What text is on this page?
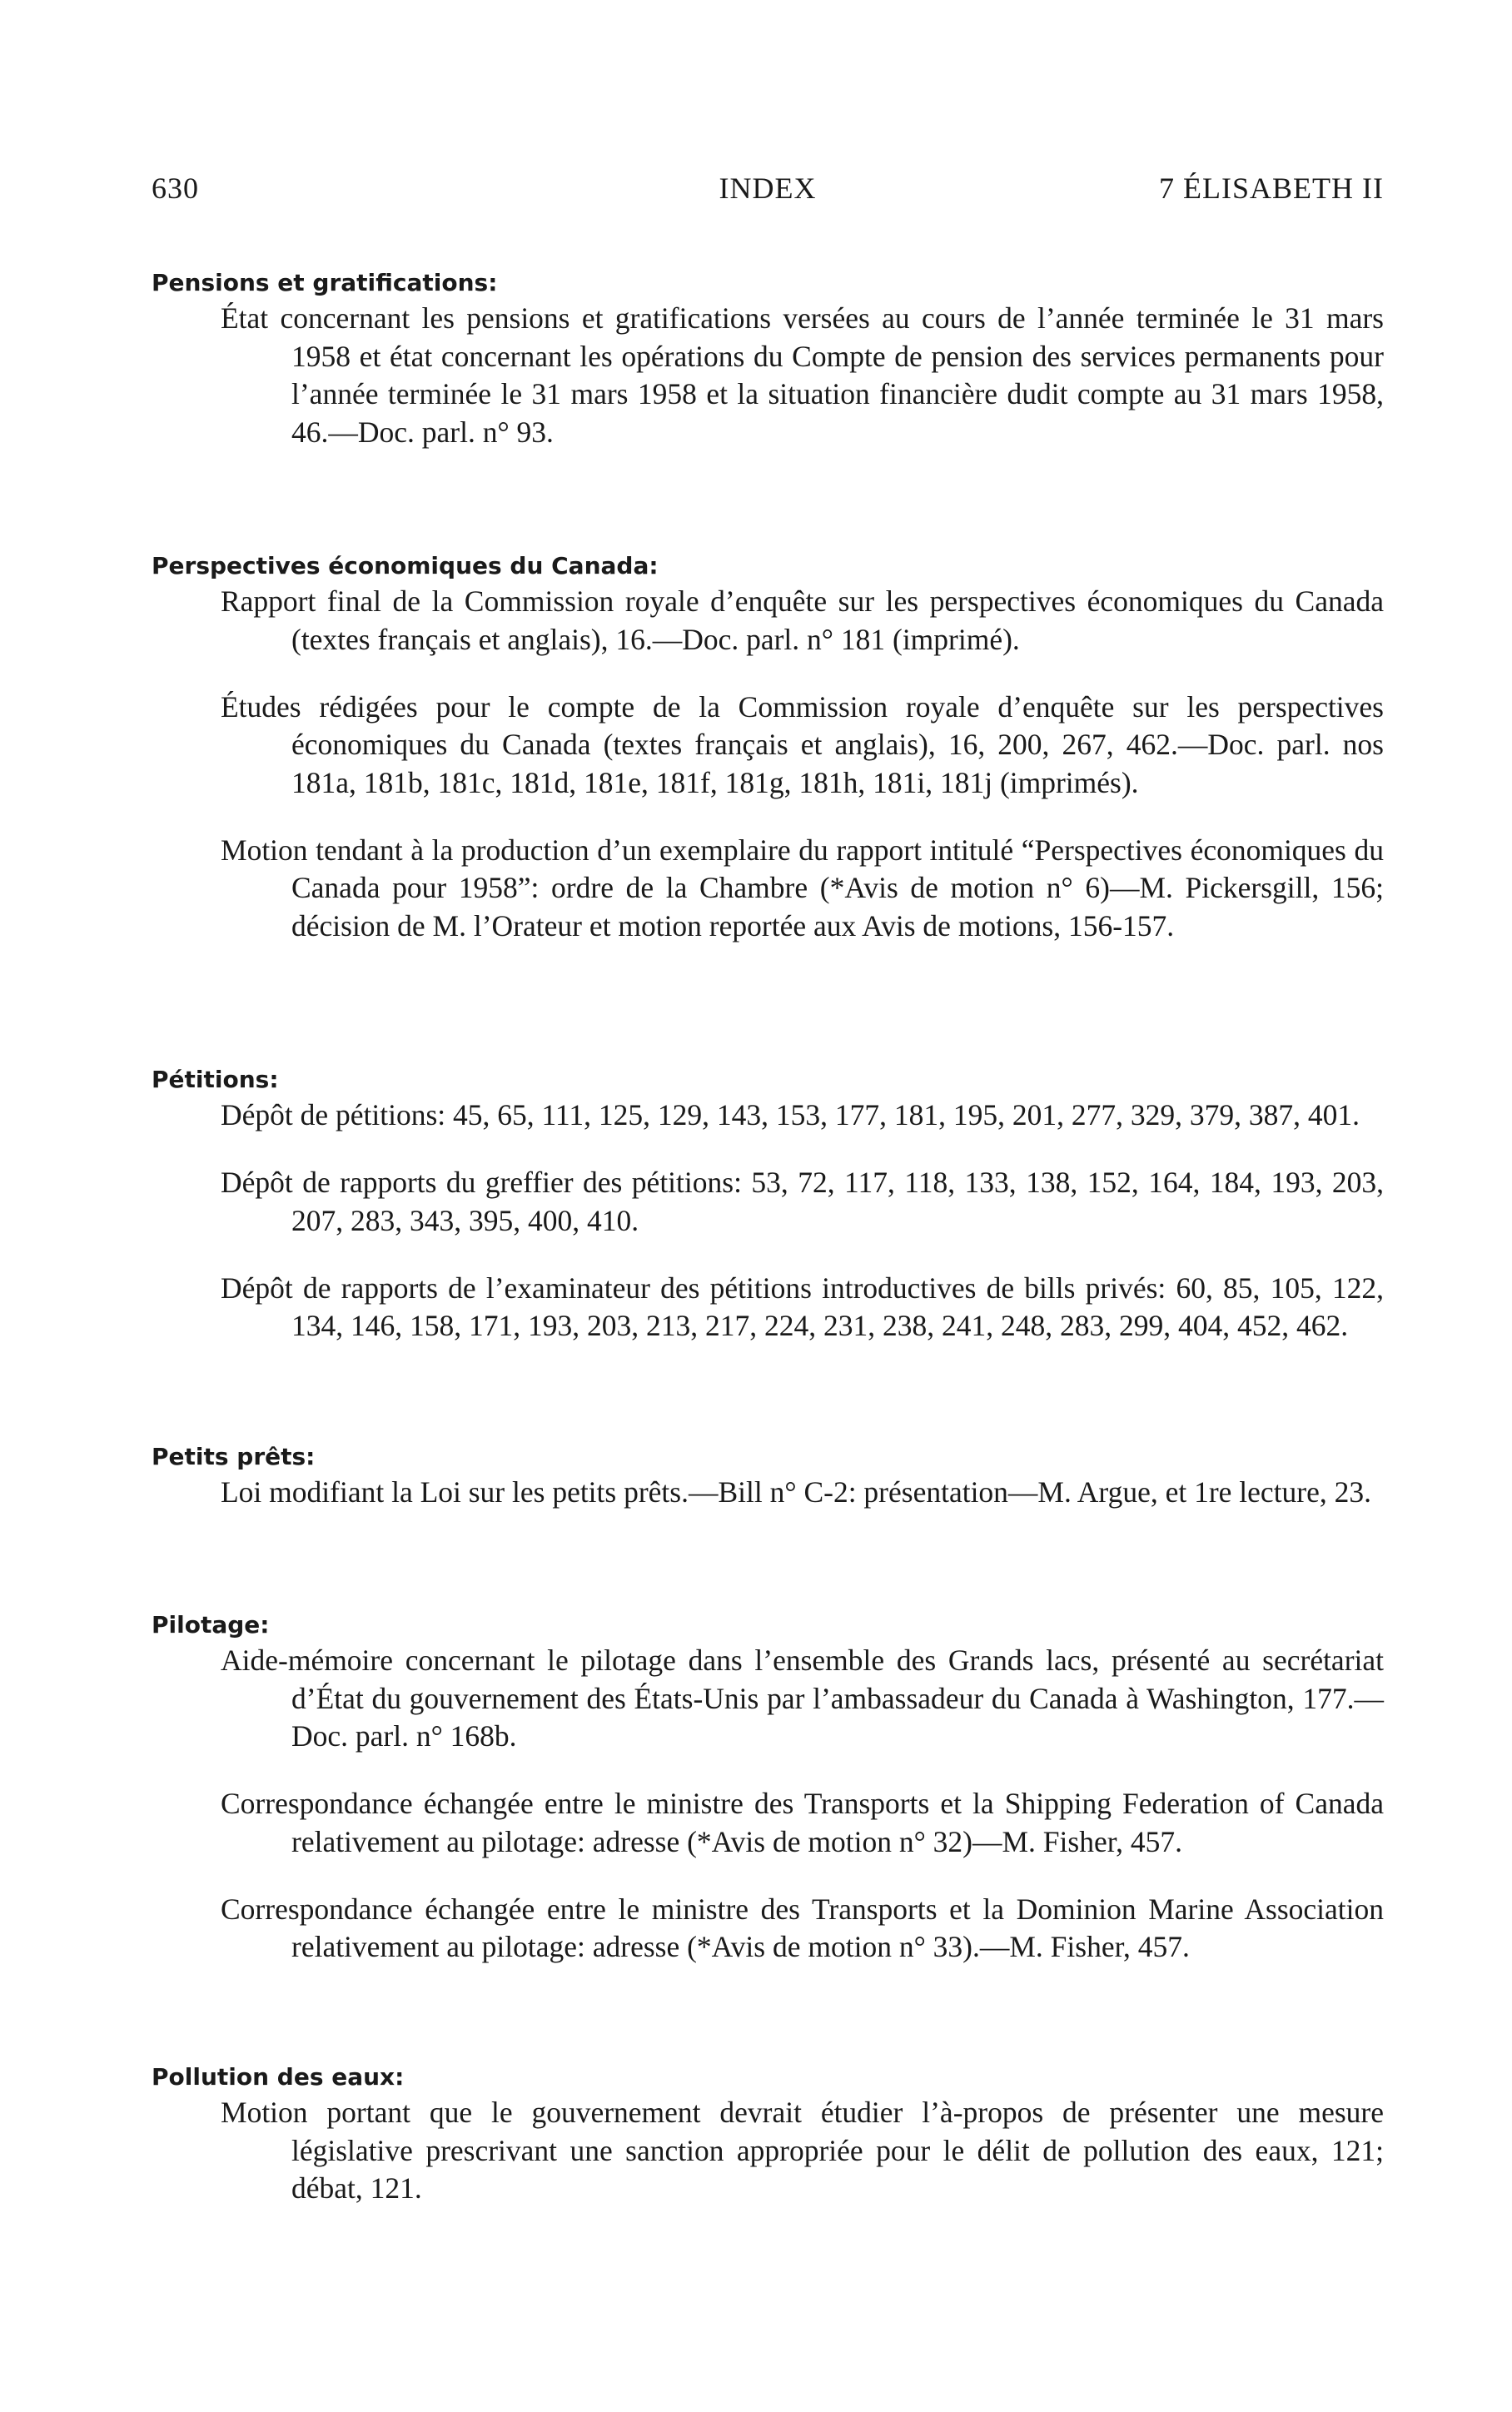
630	INDEX	7 ÉLISABETH II
Pensions et gratifications:

État concernant les pensions et gratifications versées au cours de l’année terminée le 31 mars 1958 et état concernant les opérations du Compte de pension des services permanents pour l’année terminée le 31 mars 1958 et la situation financière dudit compte au 31 mars 1958, 46.—Doc. parl. n° 93.

Perspectives économiques du Canada:

Rapport final de la Commission royale d’enquête sur les perspectives économiques du Canada (textes français et anglais), 16.—Doc. parl. n° 181 (imprimé).

Études rédigées pour le compte de la Commission royale d’enquête sur les perspectives économiques du Canada (textes français et anglais), 16, 200, 267, 462.—Doc. parl. nos 181a, 181b, 181c, 181d, 181e, 181f, 181g, 181h, 181i, 181j (imprimés).

Motion tendant à la production d’un exemplaire du rapport intitulé “Perspectives économiques du Canada pour 1958”: ordre de la Chambre (*Avis de motion n° 6)—M. Pickersgill, 156; décision de M. l’Orateur et motion reportée aux Avis de motions, 156-157.

Pétitions:

Dépôt de pétitions: 45, 65, 111, 125, 129, 143, 153, 177, 181, 195, 201, 277, 329, 379, 387, 401.

Dépôt de rapports du greffier des pétitions: 53, 72, 117, 118, 133, 138, 152, 164, 184, 193, 203, 207, 283, 343, 395, 400, 410.

Dépôt de rapports de l’examinateur des pétitions introductives de bills privés: 60, 85, 105, 122, 134, 146, 158, 171, 193, 203, 213, 217, 224, 231, 238, 241, 248, 283, 299, 404, 452, 462.

Petits prêts:

Loi modifiant la Loi sur les petits prêts.—Bill n° C-2: présentation—M. Argue, et 1re lecture, 23.

Pilotage:

Aide-mémoire concernant le pilotage dans l’ensemble des Grands lacs, présenté au secrétariat d’État du gouvernement des États-Unis par l’ambassadeur du Canada à Washington, 177.—Doc. parl. n° 168b.

Correspondance échangée entre le ministre des Transports et la Shipping Federation of Canada relativement au pilotage: adresse (*Avis de motion n° 32)—M. Fisher, 457.

Correspondance échangée entre le ministre des Transports et la Dominion Marine Association relativement au pilotage: adresse (*Avis de motion n° 33).—M. Fisher, 457.

Pollution des eaux:

Motion portant que le gouvernement devrait étudier l’à-propos de présenter une mesure législative prescrivant une sanction appropriée pour le délit de pollution des eaux, 121; débat, 121.
